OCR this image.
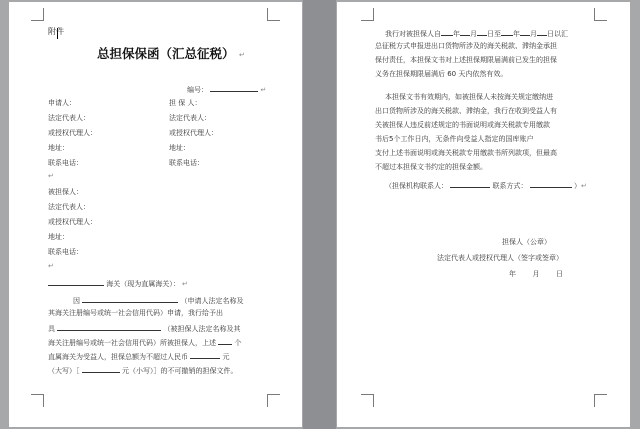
附件
总担保保函（汇总征税） ↵
编号：	↵
申请人：	担 保 人：
法定代表人：	法定代表人：
或授权代理人：	或授权代理人：
地址：	地址：
联系电话：	联系电话：
↵
被担保人：
法定代表人：
或授权代理人：
地址：
联系电话：
↵
海关（现为直属海关）： ↵
因	（申请人法定名称及
其海关注册编号或统一社会信用代码）申请，我行给予出
具	（被担保人法定名称及其
海关注册编号或统一社会信用代码）所被担保人，上述	个
直属海关为受益人，担保总额为不超过人民币	元
（大写）［	元（小写）］的不可撤销的担保文件。
我行对被担保人自 年 月 日至 年 月 日以汇
总征税方式申报进出口货物所涉及的海关税款、滞纳金承担
保付责任，本担保文书对上述担保期限届满前已发生的担保
义务在担保期限届满后 60 天内依然有效。
本担保文书有效期内，如被担保人未按海关规定缴纳进
出口货物所涉及的海关税款、滞纳金，我行在收到受益人有
关被担保人违反前述规定的书面说明或海关税款专用缴款
书后5个工作日内，无条件向受益人指定的国库账户
支付上述书面说明或海关税款专用缴款书所列款项，但最高
不超过本担保文书约定的担保金额。
（担保机构联系人：	联系方式：	）↵
担保人（公章）
法定代表人或授权代理人（签字或签章）
年 月 日
